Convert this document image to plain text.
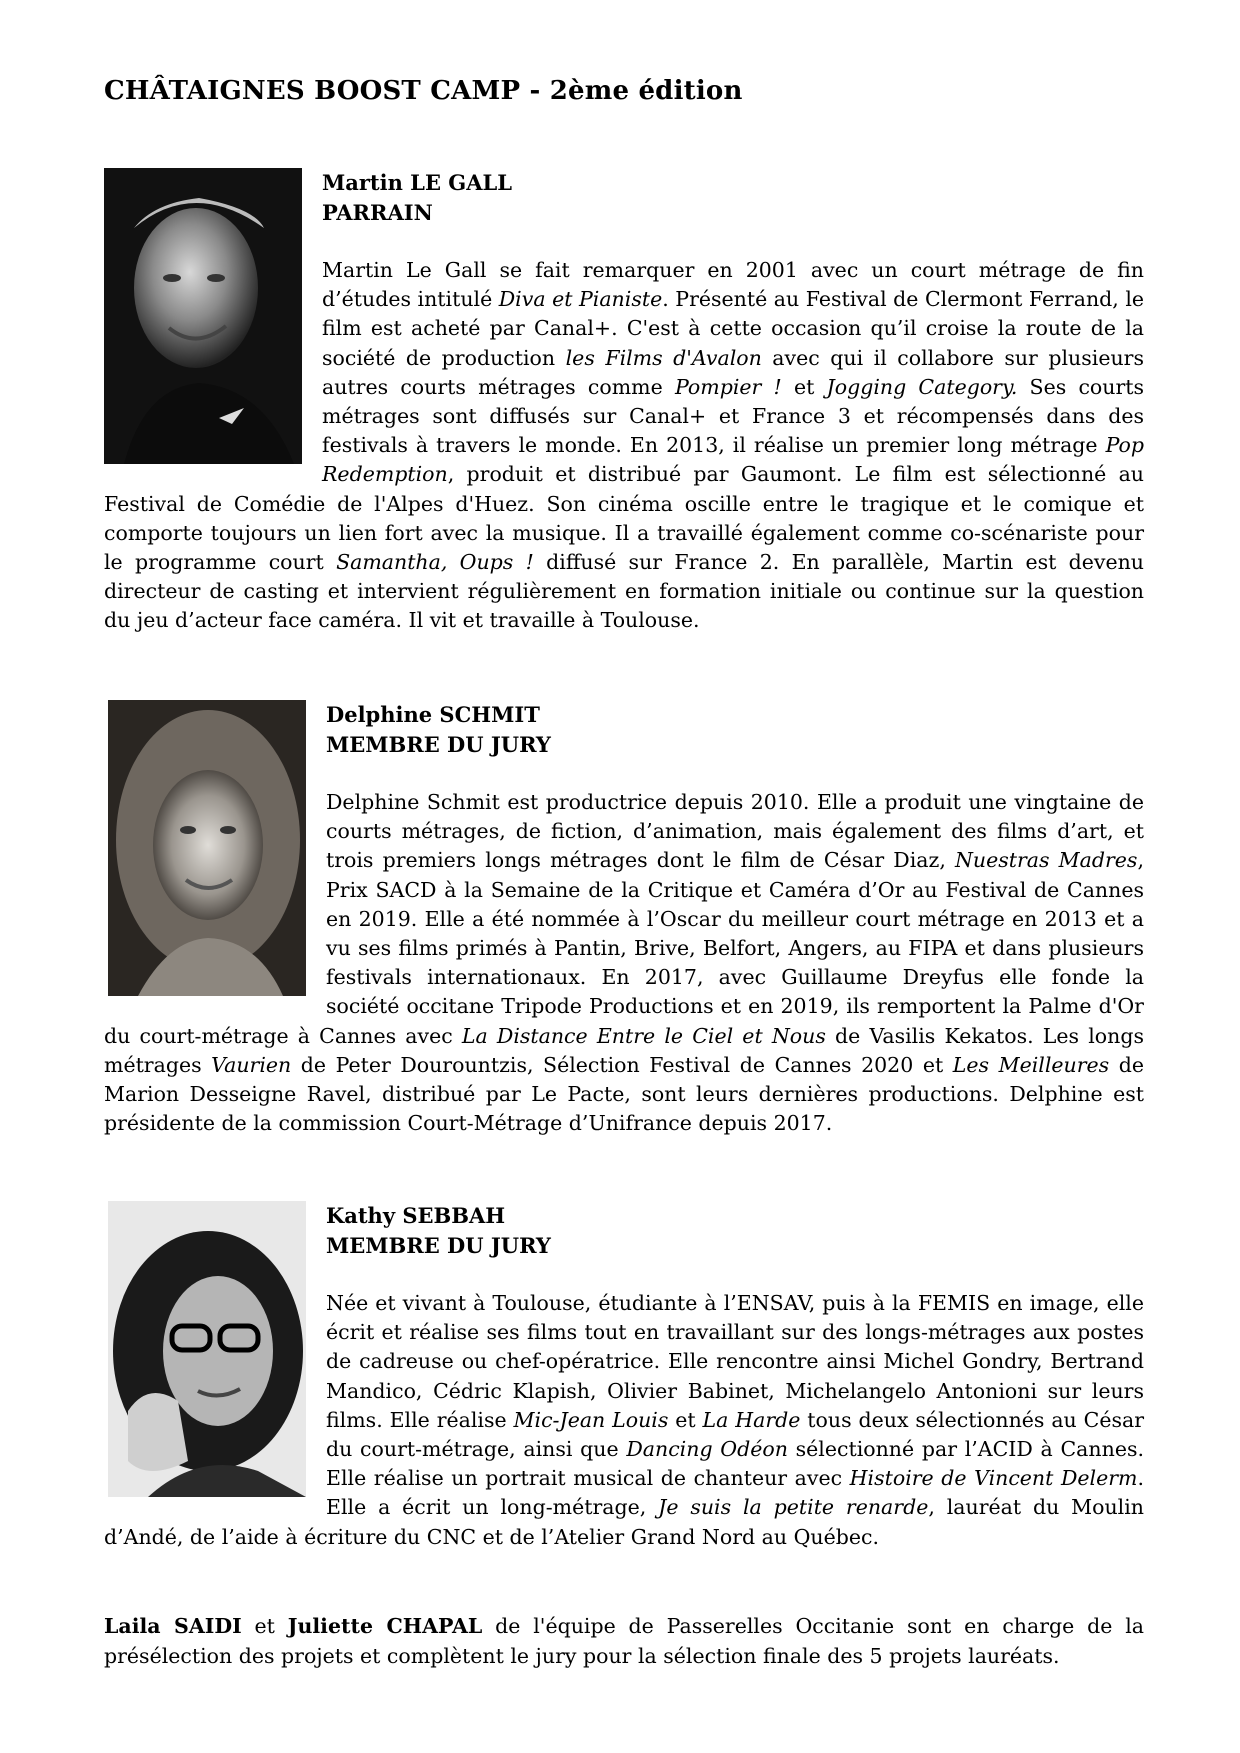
CHÂTAIGNES BOOST CAMP - 2ème édition

Martin LE GALL

PARRAIN

Martin Le Gall se fait remarquer en 2001 avec un court métrage de fin d’études intitulé Diva et Pianiste. Présenté au Festival de Clermont Ferrand, le film est acheté par Canal+. C'est à cette occasion qu’il croise la route de la société de production les Films d'Avalon avec qui il collabore sur plusieurs autres courts métrages comme Pompier ! et Jogging Category. Ses courts métrages sont diffusés sur Canal+ et France 3 et récompensés dans des festivals à travers le monde. En 2013, il réalise un premier long métrage Pop Redemption, produit et distribué par Gaumont. Le film est sélectionné au Festival de Comédie de l'Alpes d'Huez. Son cinéma oscille entre le tragique et le comique et comporte toujours un lien fort avec la musique. Il a travaillé également comme co-scénariste pour le programme court Samantha, Oups ! diffusé sur France 2. En parallèle, Martin est devenu directeur de casting et intervient régulièrement en formation initiale ou continue sur la question du jeu d’acteur face caméra. Il vit et travaille à Toulouse.

Delphine SCHMIT

MEMBRE DU JURY

Delphine Schmit est productrice depuis 2010. Elle a produit une vingtaine de courts métrages, de fiction, d’animation, mais également des films d’art, et trois premiers longs métrages dont le film de César Diaz, Nuestras Madres, Prix SACD à la Semaine de la Critique et Caméra d’Or au Festival de Cannes en 2019. Elle a été nommée à l’Oscar du meilleur court métrage en 2013 et a vu ses films primés à Pantin, Brive, Belfort, Angers, au FIPA et dans plusieurs festivals internationaux. En 2017, avec Guillaume Dreyfus elle fonde la société occitane Tripode Productions et en 2019, ils remportent la Palme d'Or du court-métrage à Cannes avec La Distance Entre le Ciel et Nous de Vasilis Kekatos. Les longs métrages Vaurien de Peter Dourountzis, Sélection Festival de Cannes 2020 et Les Meilleures de Marion Desseigne Ravel, distribué par Le Pacte, sont leurs dernières productions. Delphine est présidente de la commission Court-Métrage d’Unifrance depuis 2017.

Kathy SEBBAH

MEMBRE DU JURY

Née et vivant à Toulouse, étudiante à l’ENSAV, puis à la FEMIS en image, elle écrit et réalise ses films tout en travaillant sur des longs-métrages aux postes de cadreuse ou chef-opératrice. Elle rencontre ainsi Michel Gondry, Bertrand Mandico, Cédric Klapish, Olivier Babinet, Michelangelo Antonioni sur leurs films. Elle réalise Mic-Jean Louis et La Harde tous deux sélectionnés au César du court-métrage, ainsi que Dancing Odéon sélectionné par l’ACID à Cannes. Elle réalise un portrait musical de chanteur avec Histoire de Vincent Delerm. Elle a écrit un long-métrage, Je suis la petite renarde, lauréat du Moulin d’Andé, de l’aide à écriture du CNC et de l’Atelier Grand Nord au Québec.

Laila SAIDI et Juliette CHAPAL de l'équipe de Passerelles Occitanie sont en charge de la présélection des projets et complètent le jury pour la sélection finale des 5 projets lauréats.
